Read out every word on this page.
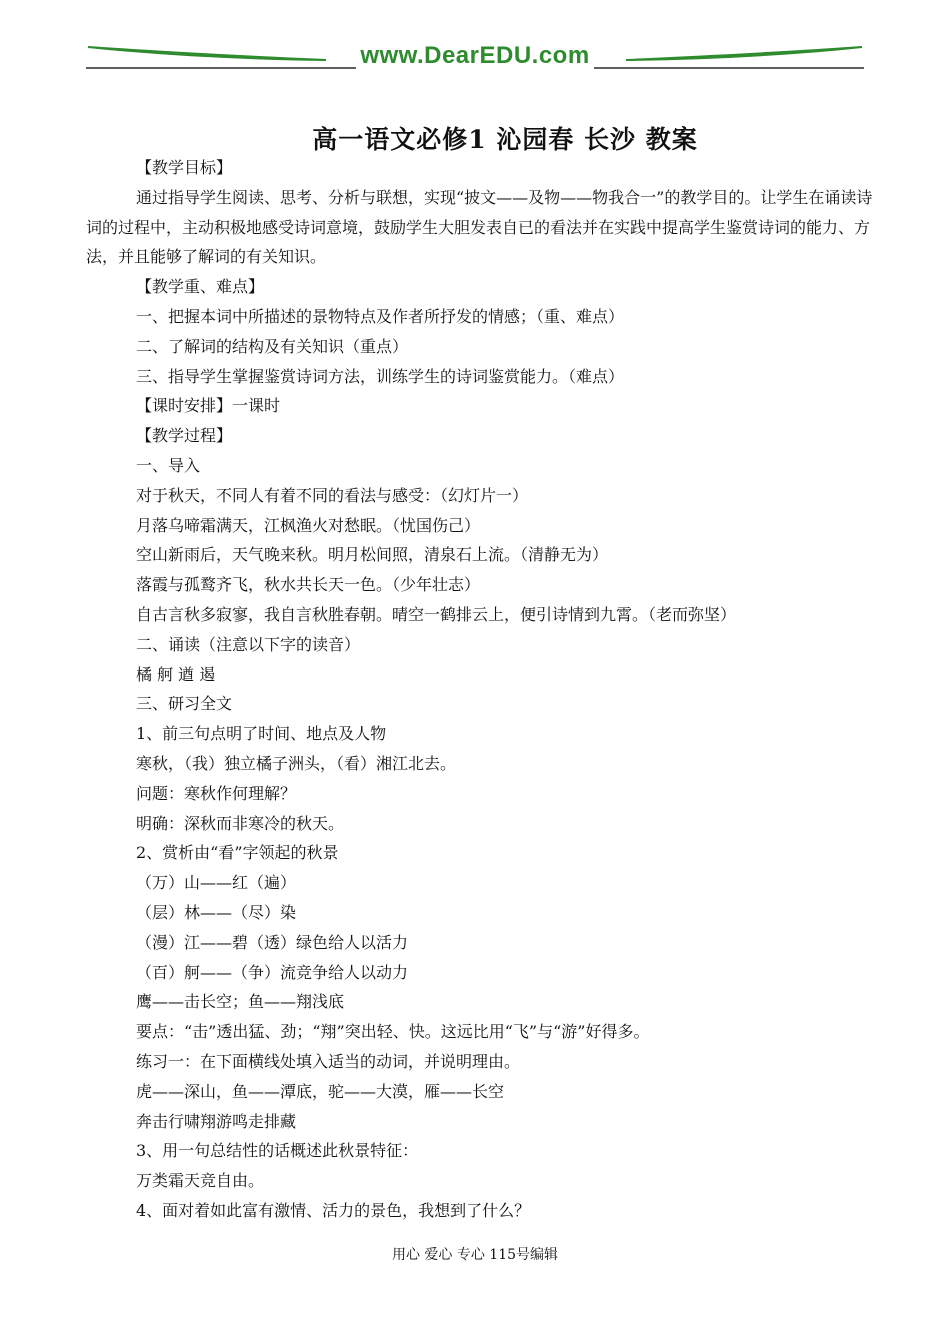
www.DearEDU.com
高一语文必修1 沁园春 长沙 教案

【教学目标】

通过指导学生阅读、思考、分析与联想，实现“披文——及物——物我合一”的教学目的。让学生在诵读诗词的过程中，主动积极地感受诗词意境，鼓励学生大胆发表自已的看法并在实践中提高学生鉴赏诗词的能力、方法，并且能够了解词的有关知识。

【教学重、难点】

一、把握本词中所描述的景物特点及作者所抒发的情感；（重、难点）

二、了解词的结构及有关知识（重点）

三、指导学生掌握鉴赏诗词方法，训练学生的诗词鉴赏能力。（难点）

【课时安排】一课时

【教学过程】

一、导入

对于秋天，不同人有着不同的看法与感受：（幻灯片一）

月落乌啼霜满天，江枫渔火对愁眠。（忧国伤己）

空山新雨后，天气晚来秋。明月松间照，清泉石上流。（清静无为）

落霞与孤鹜齐飞，秋水共长天一色。（少年壮志）

自古言秋多寂寥，我自言秋胜春朝。晴空一鹤排云上，便引诗情到九霄。（老而弥坚）

二、诵读（注意以下字的读音）

橘 舸 遒 遏

三、研习全文

1、前三句点明了时间、地点及人物

寒秋，（我）独立橘子洲头，（看）湘江北去。

问题：寒秋作何理解？

明确：深秋而非寒冷的秋天。

2、赏析由“看”字领起的秋景

（万）山——红（遍）

（层）林——（尽）染

（漫）江——碧（透）绿色给人以活力

（百）舸——（争）流竞争给人以动力

鹰——击长空；鱼——翔浅底

要点：“击”透出猛、劲；“翔”突出轻、快。这远比用“飞”与“游”好得多。

练习一：在下面横线处填入适当的动词，并说明理由。

虎——深山，鱼——潭底，驼——大漠，雁——长空

奔击行啸翔游鸣走排藏

3、用一句总结性的话概述此秋景特征：

万类霜天竞自由。

4、面对着如此富有激情、活力的景色，我想到了什么？

用心 爱心 专心 115号编辑
